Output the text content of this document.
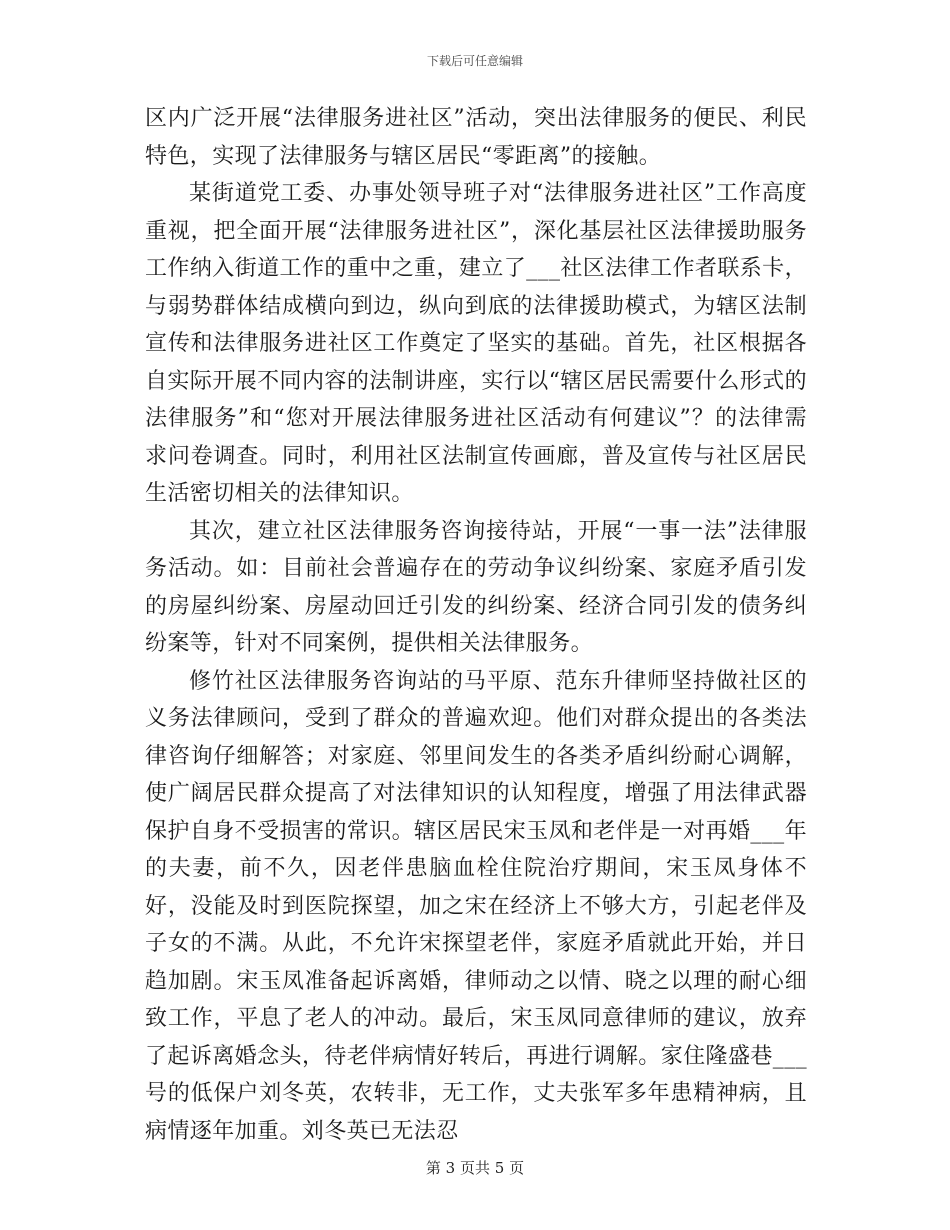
下载后可任意编辑

区内广泛开展“法律服务进社区”活动，突出法律服务的便民、利民特色，实现了法律服务与辖区居民“零距离”的接触。

某街道党工委、办事处领导班子对“法律服务进社区”工作高度重视，把全面开展“法律服务进社区”，深化基层社区法律援助服务工作纳入街道工作的重中之重，建立了___社区法律工作者联系卡，与弱势群体结成横向到边，纵向到底的法律援助模式，为辖区法制宣传和法律服务进社区工作奠定了坚实的基础。首先，社区根据各自实际开展不同内容的法制讲座，实行以“辖区居民需要什么形式的法律服务”和“您对开展法律服务进社区活动有何建议”？的法律需求问卷调查。同时，利用社区法制宣传画廊，普及宣传与社区居民生活密切相关的法律知识。

其次，建立社区法律服务咨询接待站，开展“一事一法”法律服务活动。如：目前社会普遍存在的劳动争议纠纷案、家庭矛盾引发的房屋纠纷案、房屋动回迁引发的纠纷案、经济合同引发的债务纠纷案等，针对不同案例，提供相关法律服务。

修竹社区法律服务咨询站的马平原、范东升律师坚持做社区的义务法律顾问，受到了群众的普遍欢迎。他们对群众提出的各类法律咨询仔细解答；对家庭、邻里间发生的各类矛盾纠纷耐心调解，使广阔居民群众提高了对法律知识的认知程度，增强了用法律武器保护自身不受损害的常识。辖区居民宋玉凤和老伴是一对再婚___年的夫妻，前不久，因老伴患脑血栓住院治疗期间，宋玉凤身体不好，没能及时到医院探望，加之宋在经济上不够大方，引起老伴及子女的不满。从此，不允许宋探望老伴，家庭矛盾就此开始，并日趋加剧。宋玉凤准备起诉离婚，律师动之以情、晓之以理的耐心细致工作，平息了老人的冲动。最后，宋玉凤同意律师的建议，放弃了起诉离婚念头，待老伴病情好转后，再进行调解。家住隆盛巷___号的低保户刘冬英，农转非，无工作，丈夫张军多年患精神病，且病情逐年加重。刘冬英已无法忍

第 3 页共 5 页
